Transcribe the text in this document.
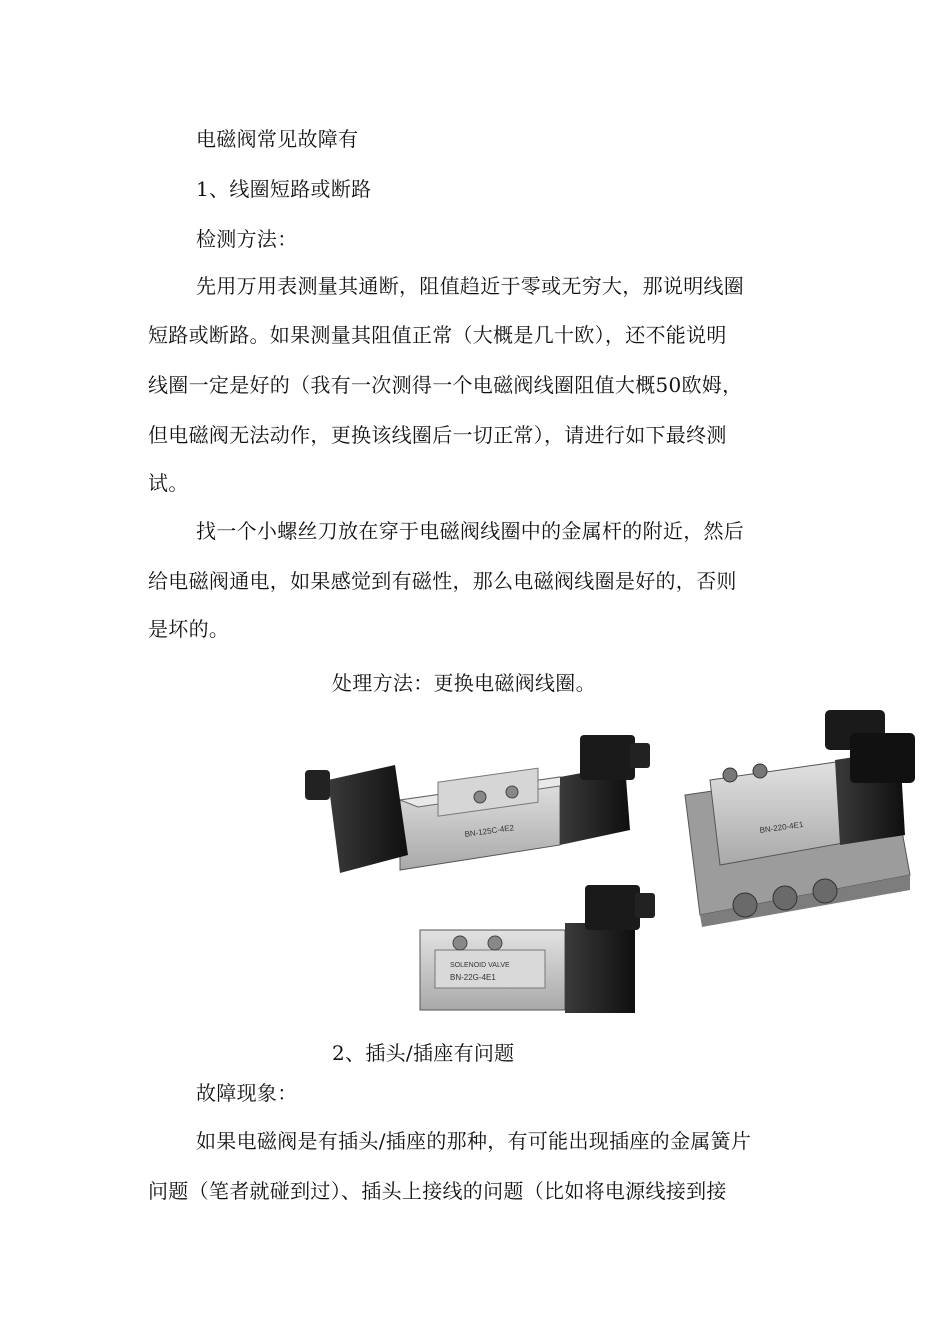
电磁阀常见故障有
1、线圈短路或断路
检测方法：
先用万用表测量其通断，阻值趋近于零或无穷大，那说明线圈
短路或断路。如果测量其阻值正常（大概是几十欧），还不能说明
线圈一定是好的（我有一次测得一个电磁阀线圈阻值大概50欧姆，
但电磁阀无法动作，更换该线圈后一切正常），请进行如下最终测
试。
找一个小螺丝刀放在穿于电磁阀线圈中的金属杆的附近，然后
给电磁阀通电，如果感觉到有磁性，那么电磁阀线圈是好的，否则
是坏的。
处理方法：更换电磁阀线圈。
BN-125C-4E2	BN-220-4E1
SOLENOID VALVE
BN-22G-4E1
2、插头/插座有问题
故障现象：
如果电磁阀是有插头/插座的那种，有可能出现插座的金属簧片
问题（笔者就碰到过）、插头上接线的问题（比如将电源线接到接
